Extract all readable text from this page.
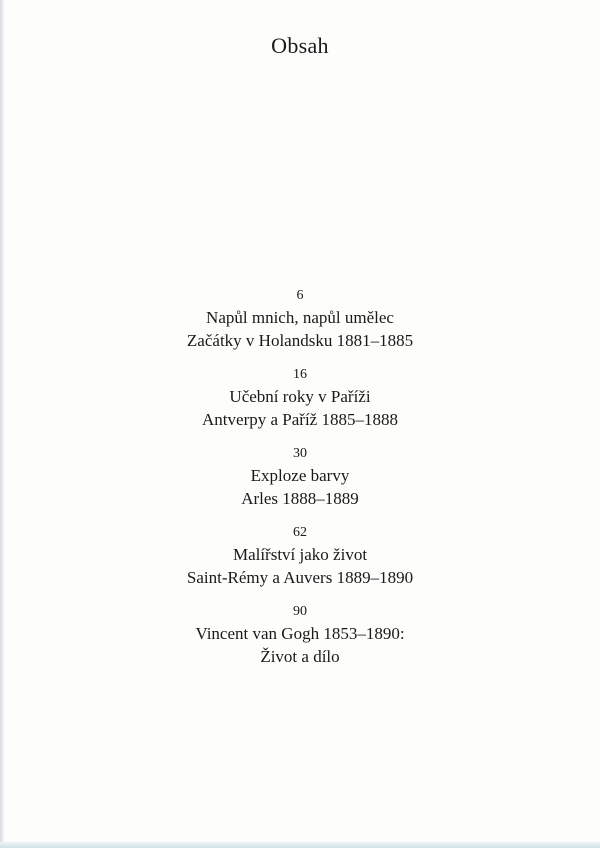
Obsah
6
Napůl mnich, napůl umělec
Začátky v Holandsku 1881–1885
16
Učební roky v Paříži
Antverpy a Paříž 1885–1888
30
Exploze barvy
Arles 1888–1889
62
Malířství jako život
Saint-Rémy a Auvers 1889–1890
90
Vincent van Gogh 1853–1890:
Život a dílo
